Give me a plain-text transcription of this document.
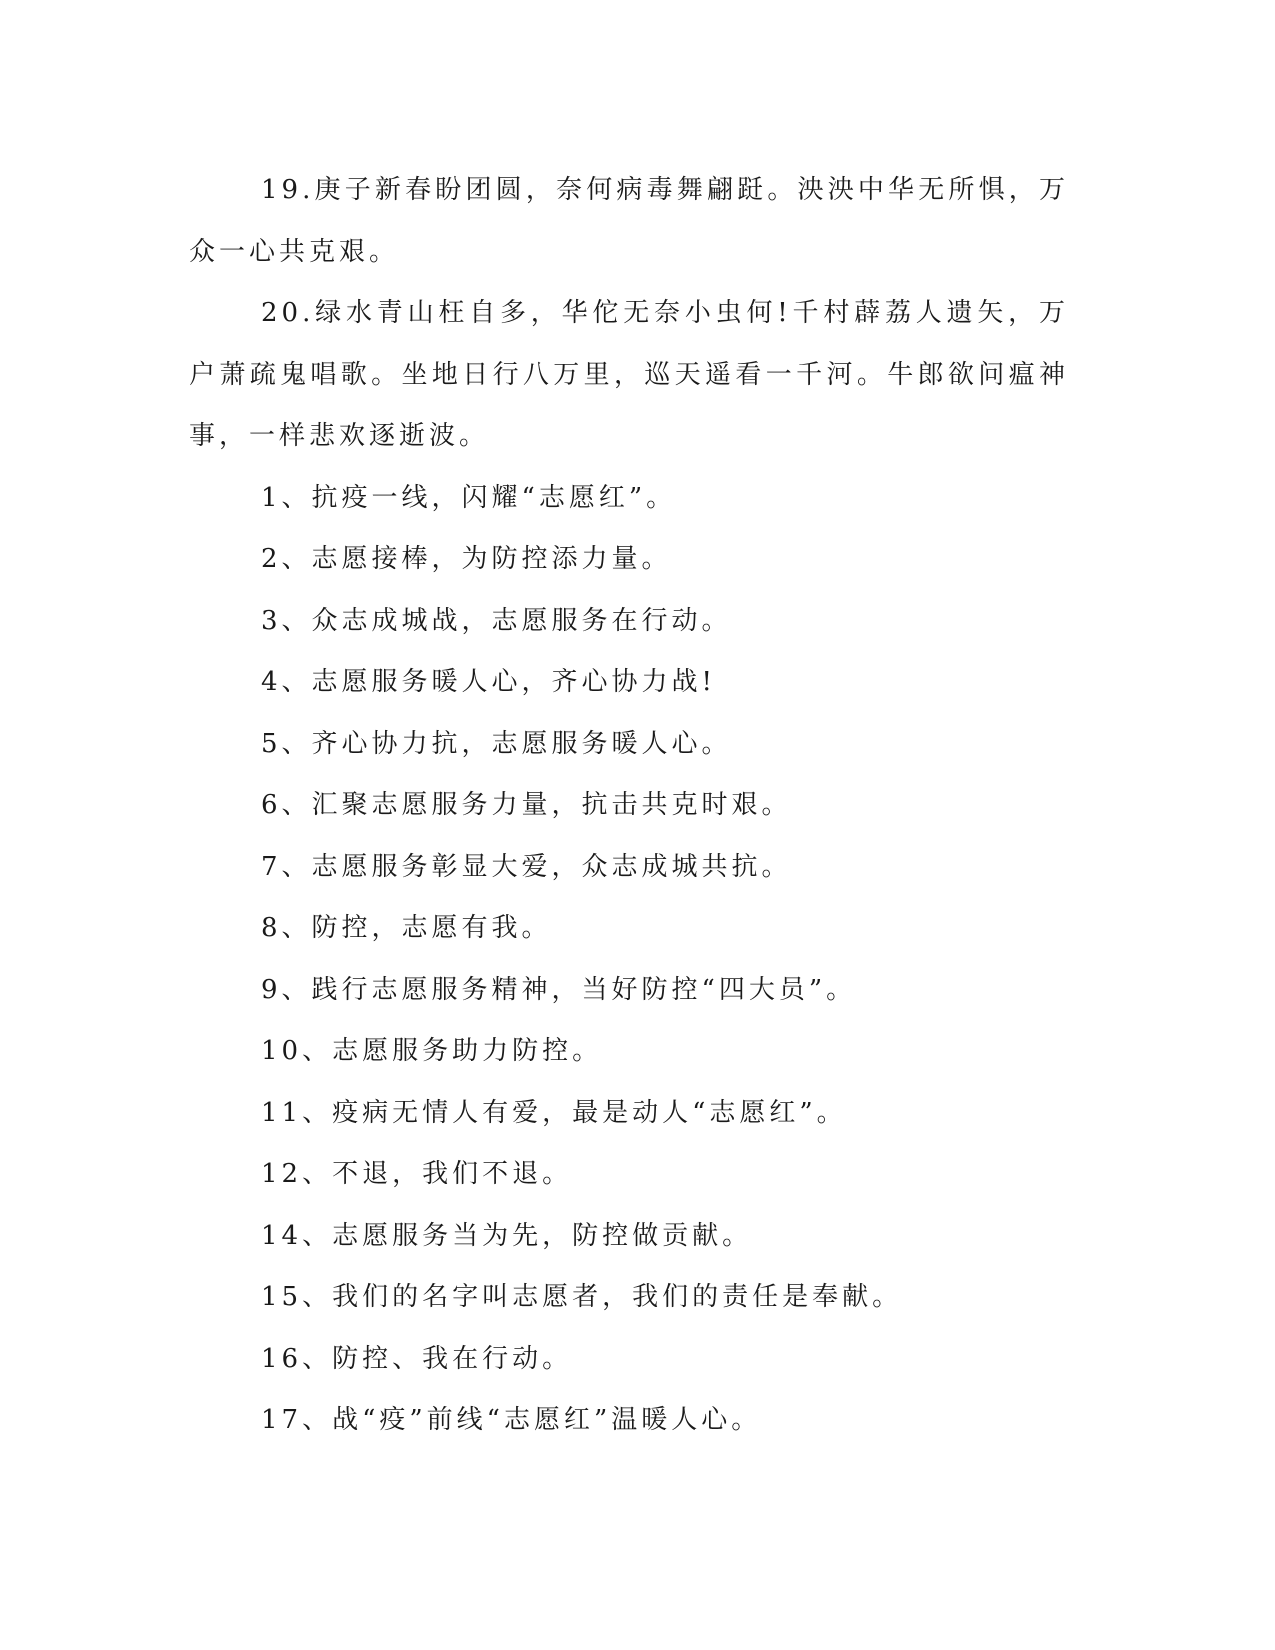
19.庚子新春盼团圆，奈何病毒舞翩跹。泱泱中华无所惧，万众一心共克艰。

20.绿水青山枉自多，华佗无奈小虫何!千村薜荔人遗矢，万户萧疏鬼唱歌。坐地日行八万里，巡天遥看一千河。牛郎欲问瘟神事，一样悲欢逐逝波。

1、抗疫一线，闪耀“志愿红”。

2、志愿接棒，为防控添力量。

3、众志成城战，志愿服务在行动。

4、志愿服务暖人心，齐心协力战!

5、齐心协力抗，志愿服务暖人心。

6、汇聚志愿服务力量，抗击共克时艰。

7、志愿服务彰显大爱，众志成城共抗。

8、防控，志愿有我。

9、践行志愿服务精神，当好防控“四大员”。

10、志愿服务助力防控。

11、疫病无情人有爱，最是动人“志愿红”。

12、不退，我们不退。

14、志愿服务当为先，防控做贡献。

15、我们的名字叫志愿者，我们的责任是奉献。

16、防控、我在行动。

17、战“疫”前线“志愿红”温暖人心。
